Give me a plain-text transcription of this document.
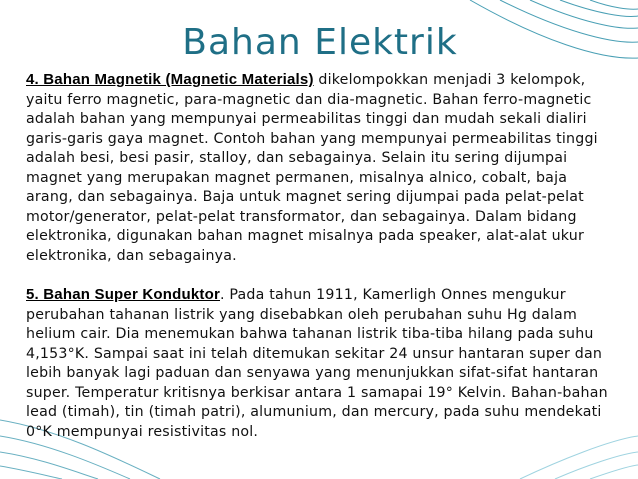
Bahan Elektrik

4. Bahan Magnetik (Magnetic Materials) dikelompokkan menjadi 3 kelompok, yaitu ferro magnetic, para-magnetic dan dia-magnetic. Bahan ferro-magnetic adalah bahan yang mempunyai permeabilitas tinggi dan mudah sekali dialiri garis-garis gaya magnet. Contoh bahan yang mempunyai permeabilitas tinggi adalah besi, besi pasir, stalloy, dan sebagainya. Selain itu sering dijumpai magnet yang merupakan magnet permanen, misalnya alnico, cobalt, baja arang, dan sebagainya. Baja untuk magnet sering dijumpai pada pelat-pelat motor/generator, pelat-pelat transformator, dan sebagainya. Dalam bidang elektronika, digunakan bahan magnet misalnya pada speaker, alat-alat ukur elektronika, dan sebagainya.

5. Bahan Super Konduktor. Pada tahun 1911, Kamerligh Onnes mengukur perubahan tahanan listrik yang disebabkan oleh perubahan suhu Hg dalam helium cair. Dia menemukan bahwa tahanan listrik tiba-tiba hilang pada suhu 4,153°K. Sampai saat ini telah ditemukan sekitar 24 unsur hantaran super dan lebih banyak lagi paduan dan senyawa yang menunjukkan sifat-sifat hantaran super. Temperatur kritisnya berkisar antara 1 samapai 19° Kelvin. Bahan-bahan lead (timah), tin (timah patri), alumunium, dan mercury, pada suhu mendekati 0°K mempunyai resistivitas nol.
